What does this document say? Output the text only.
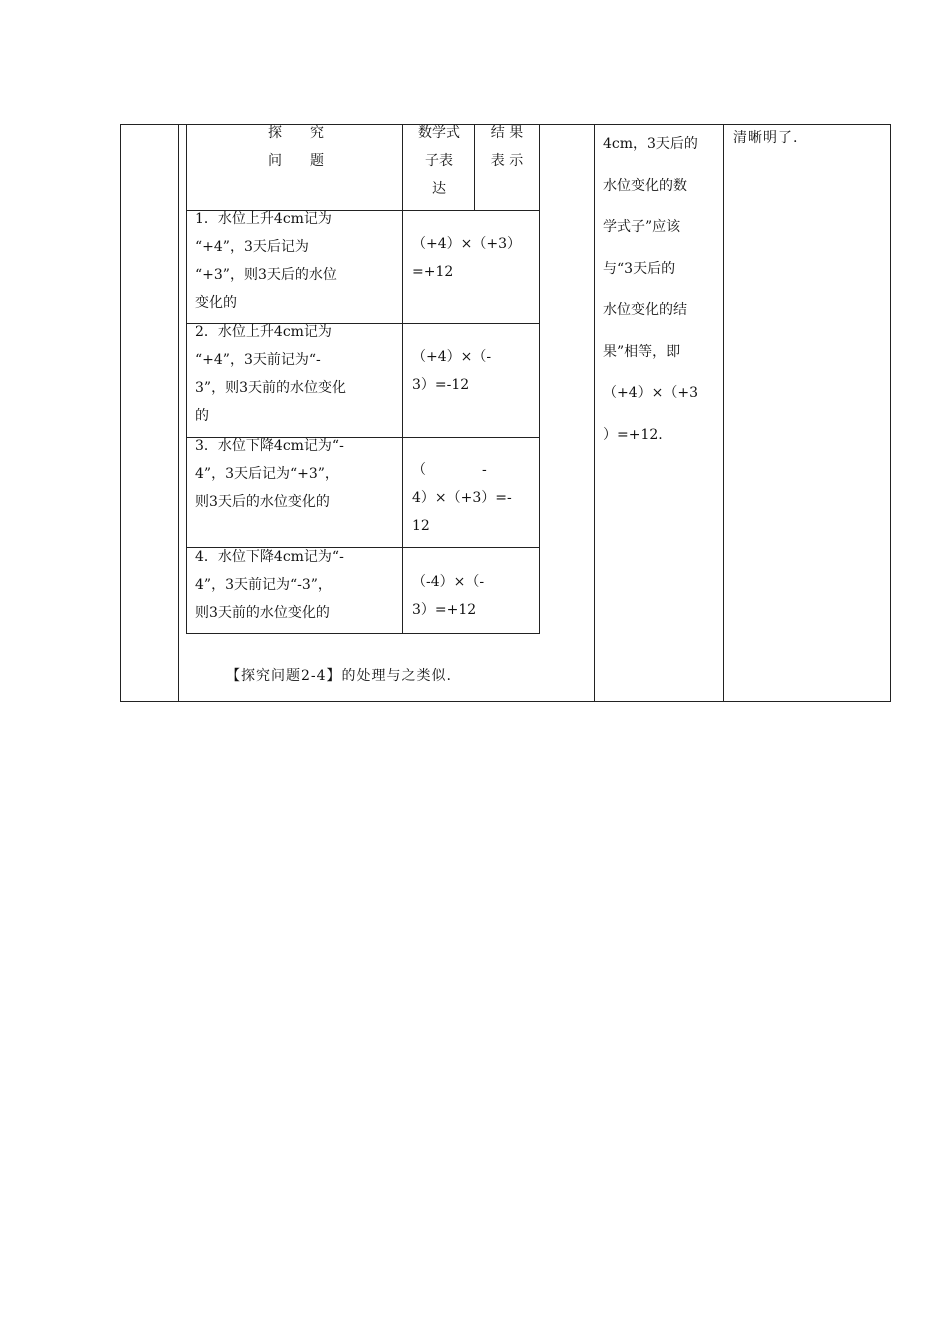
探　　究
问　　题
数学式
子表
达
结 果
表 示
1．水位上升4cm记为
“+4”，3天后记为
“+3”，则3天后的水位
变化的
（+4）×（+3）
=+12
2．水位上升4cm记为
“+4”，3天前记为“-
3”，则3天前的水位变化
的
（+4）×（-
3）=-12
3．水位下降4cm记为“-
4”，3天后记为“+3”，
则3天后的水位变化的
（　　　　-
4）×（+3）=-
12
4．水位下降4cm记为“-
4”，3天前记为“-3”，
则3天前的水位变化的
（-4）×（-
3）=+12
【探究问题2-4】的处理与之类似.
4cm，3天后的
水位变化的数
学式子”应该
与“3天后的
水位变化的结
果”相等，即
（+4）×（+3
）=+12.
清晰明了.
